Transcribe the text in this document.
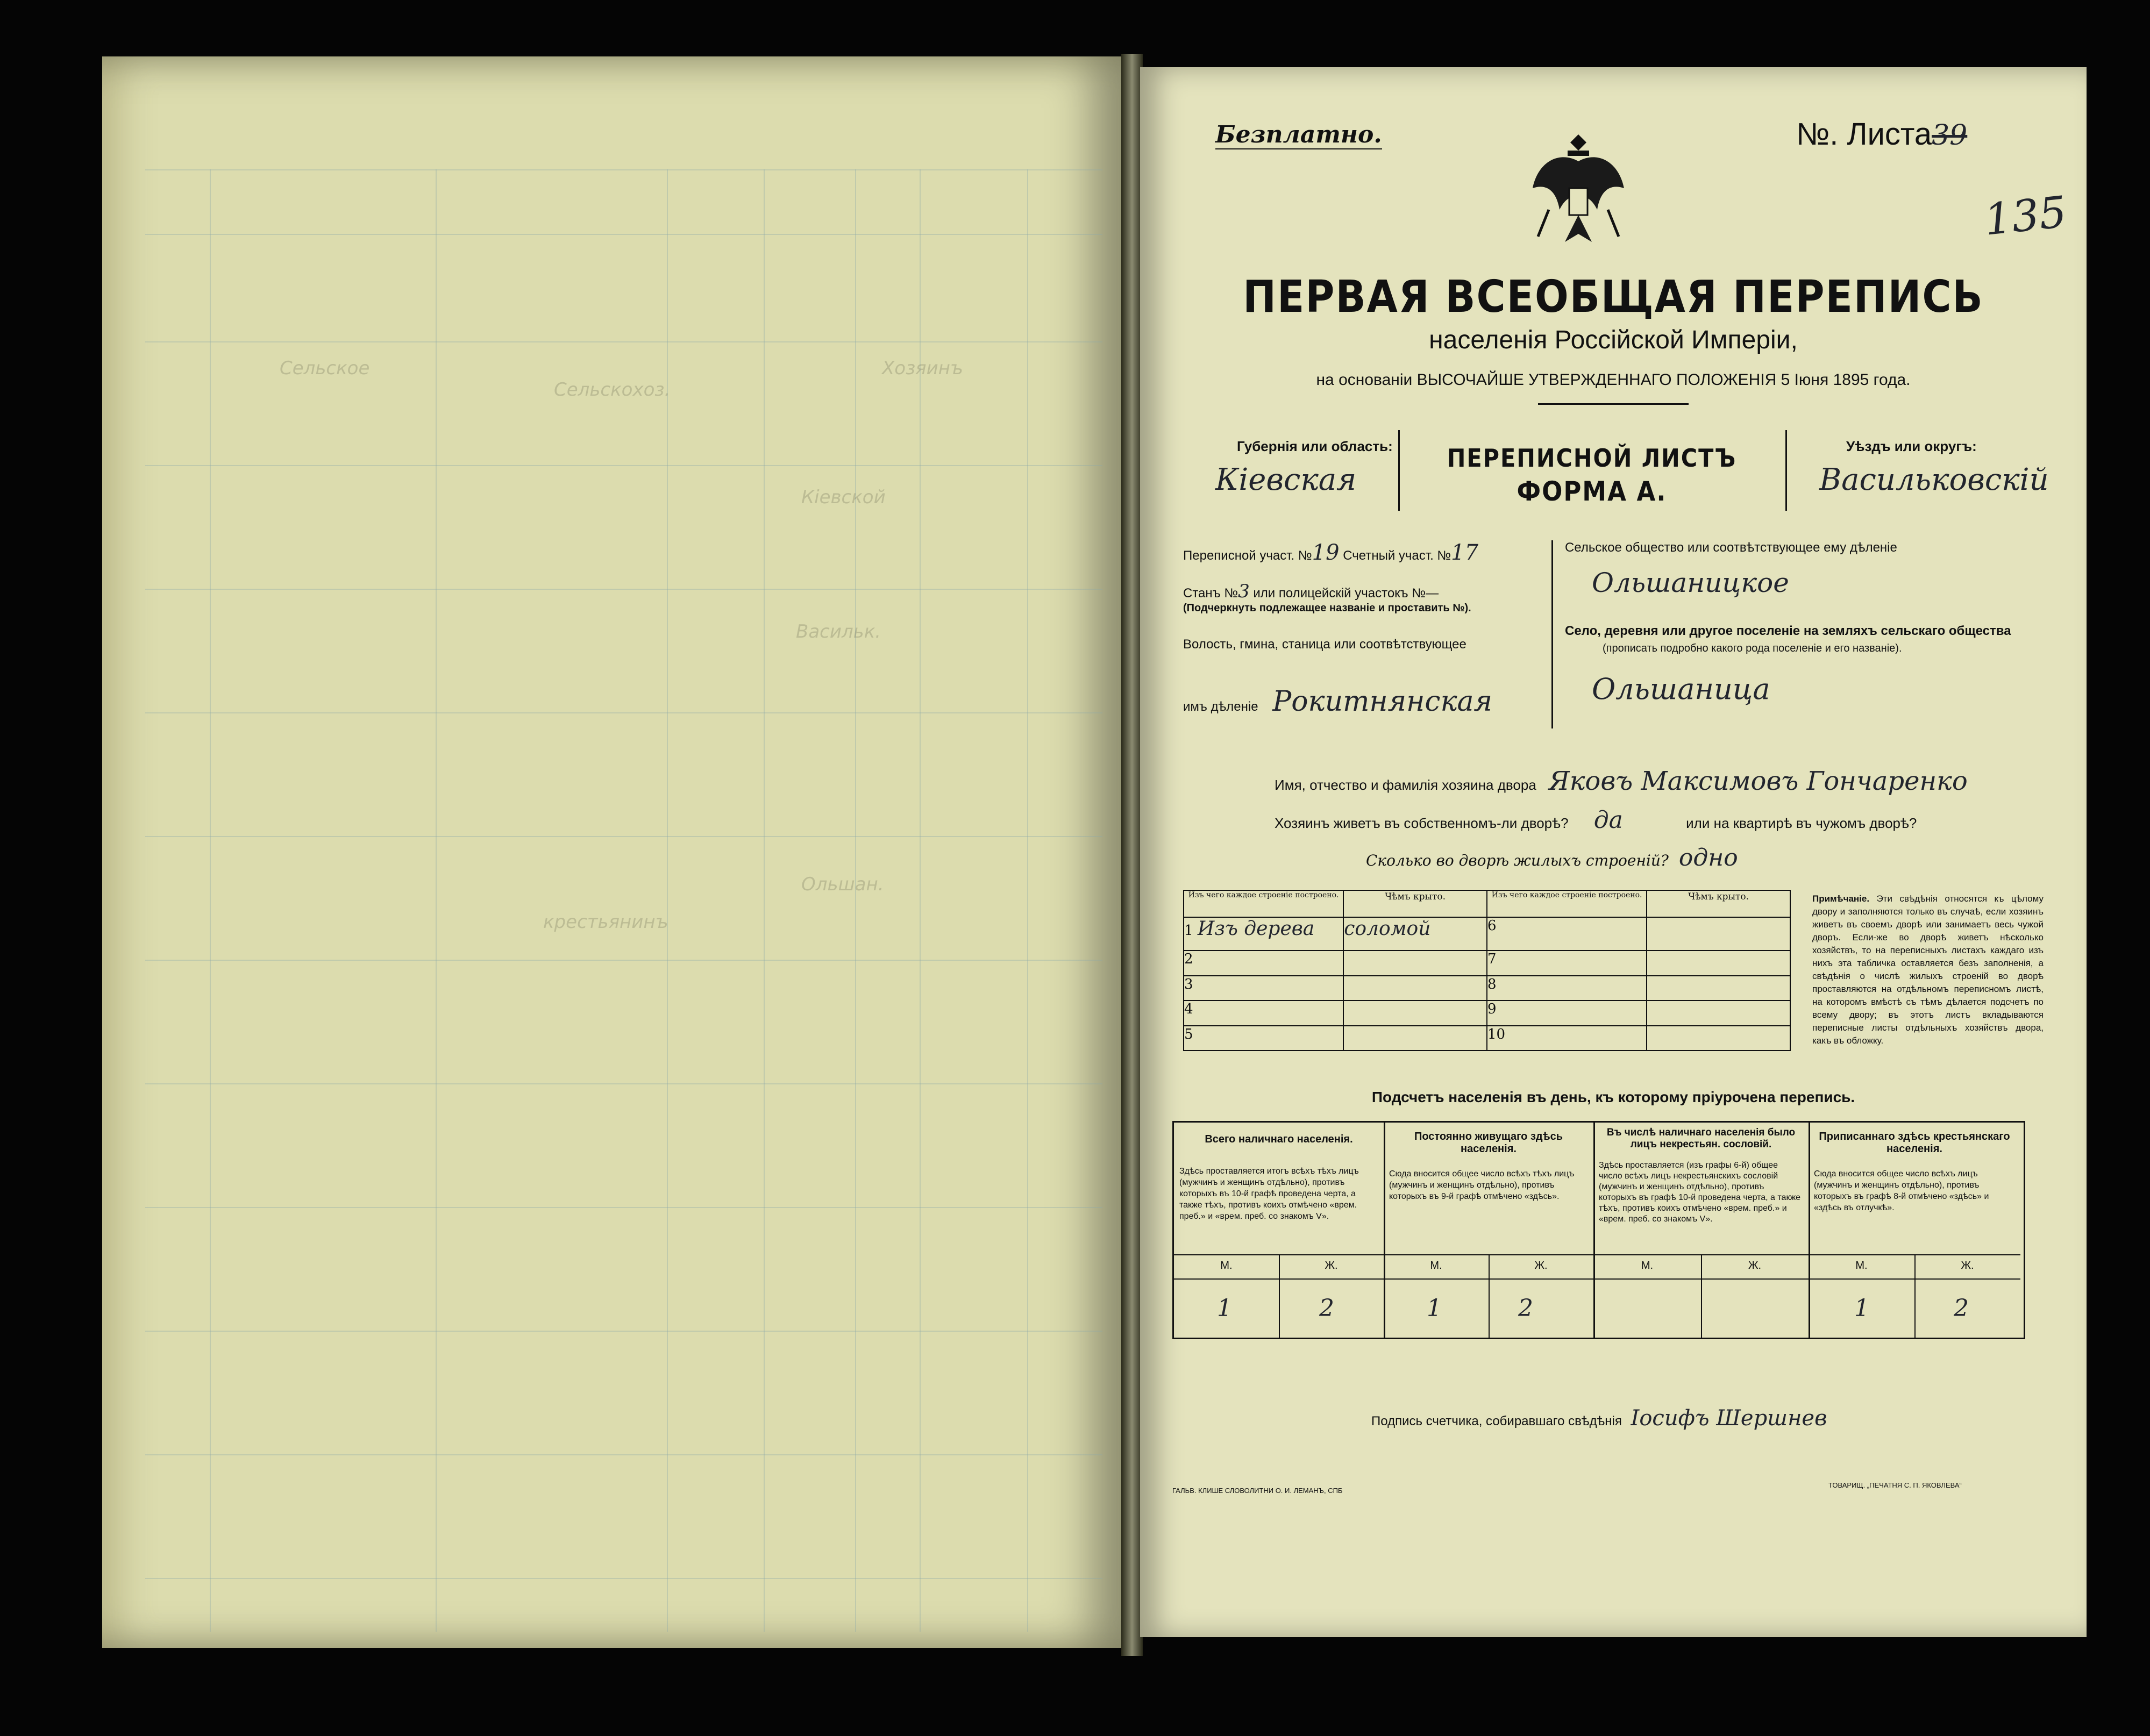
Сельское
Сельскохоз.
Хозяинъ
Кіевской
Васильк.
Ольшан.
крестьянинъ
Безплатно.	№. Листа39
135
ПЕРВАЯ ВСЕОБЩАЯ ПЕРЕПИСЬ
населенія Россійской Имперіи,
на основаніи ВЫСОЧАЙШЕ УТВЕРЖДЕННАГО ПОЛОЖЕНІЯ 5 Іюня 1895 года.
Губернія или область:
Кіевская
ПЕРЕПИСНОЙ ЛИСТЪ
ФОРМА А.
Уѣздъ или округъ:
Васильковскій
Переписной участ. №19 Счетный участ. №17
Станъ №3 или полицейскій участокъ №—
(Подчеркнуть подлежащее названіе и проставить №).
Волость, гмина, станица или соотвѣтствующее
имъ дѣленіе Рокитнянская
Сельское общество или соотвѣтствующее ему дѣленіе
Ольшаницкое
Село, деревня или другое поселеніе на земляхъ сельскаго общества
(прописать подробно какого рода поселеніе и его названіе).
Ольшаница
Имя, отчество и фамилія хозяина двора Яковъ Максимовъ Гончаренко
Хозяинъ живетъ въ собственномъ-ли дворѣ? да	или на квартирѣ въ чужомъ дворѣ?
Сколько во дворѣ жилыхъ строеній? одно
Изъ чего каждое строеніе построено.	Чѣмъ крыто.	Изъ чего каждое строеніе построено.	Чѣмъ крыто.
1 Изъ дерева	соломой	6	
2		7	
3		8	
4		9	
5		10	
Примѣчаніе. Эти свѣдѣнія относятся къ цѣлому двору и заполняются только въ случаѣ, если хозяинъ живетъ въ своемъ дворѣ или занимаетъ весь чужой дворъ. Если-же во дворѣ живетъ нѣсколько хозяйствъ, то на переписныхъ листахъ каждаго изъ нихъ эта табличка оставляется безъ заполненія, а свѣдѣнія о числѣ жилыхъ строеній во дворѣ проставляются на отдѣльномъ переписномъ листѣ, на которомъ вмѣстѣ съ тѣмъ дѣлается подсчетъ по всему двору; въ этотъ листъ вкладываются переписные листы отдѣльныхъ хозяйствъ двора, какъ въ обложку.
Подсчетъ населенія въ день, къ которому пріурочена перепись.
Всего наличнаго населенія.
Здѣсь проставляется итогъ всѣхъ тѣхъ лицъ (мужчинъ и женщинъ отдѣльно), противъ которыхъ въ 10-й графѣ проведена черта, а также тѣхъ, противъ коихъ отмѣчено «врем. преб.» и «врем. преб. со знакомъ V».
М.	Ж.
1	2
Постоянно живущаго здѣсь населенія.
Сюда вносится общее число всѣхъ тѣхъ лицъ (мужчинъ и женщинъ отдѣльно), противъ которыхъ въ 9-й графѣ отмѣчено «здѣсь».
М.	Ж.
1	2
Въ числѣ наличнаго населенія было лицъ некрестьян. сословій.
Здѣсь проставляется (изъ графы 6-й) общее число всѣхъ лицъ некрестьянскихъ сословій (мужчинъ и женщинъ отдѣльно), противъ которыхъ въ графѣ 10-й проведена черта, а также тѣхъ, противъ коихъ отмѣчено «врем. преб.» и «врем. преб. со знакомъ V».
М.	Ж.
Приписаннаго здѣсь крестьянскаго населенія.
Сюда вносится общее число всѣхъ лицъ (мужчинъ и женщинъ отдѣльно), противъ которыхъ въ графѣ 8-й отмѣчено «здѣсь» и «здѣсь въ отлучкѣ».
М.	Ж.
1	2
Подпись счетчика, собиравшаго свѣдѣнія Іосифъ Шершнев
ГАЛЬВ. КЛИШЕ СЛОВОЛИТНИ О. И. ЛЕМАНЪ, СПБ
ТОВАРИЩ. „ПЕЧАТНЯ С. П. ЯКОВЛЕВА“
